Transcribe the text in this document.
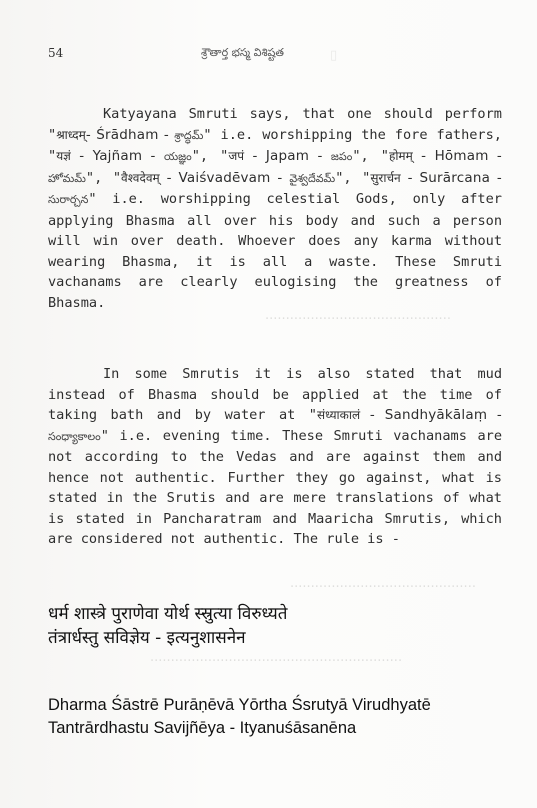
▯
.............................................
.............................................
.............................................................
54	శ్రౌతార్త భస్మ విశిష్టత

Katyayana Smruti says, that one should perform "श्राध्दम्- Śrādham - శ్రాద్ధమ్" i.e. worshipping the fore fathers, "यज्ञं - Yajñam - యజ్ఞం", "जपं - Japam - జపం", "होमम् - Hōmam - హోమమ్", "वैश्वदेवम् - Vaiśvadēvam - వైశ్వదేవమ్", "सुरार्चन - Surārcana - సురార్చన" i.e. worshipping celestial Gods, only after applying Bhasma all over his body and such a person will win over death. Whoever does any karma without wearing Bhasma, it is all a waste. These Smruti vachanams are clearly eulogising the greatness of Bhasma.

In some Smrutis it is also stated that mud instead of Bhasma should be applied at the time of taking bath and by water at "संध्याकालं - Sandhyākālaṃ - సంధ్యాకాలం" i.e. evening time. These Smruti vachanams are not according to the Vedas and are against them and hence not authentic. Further they go against, what is stated in the Srutis and are mere translations of what is stated in Pancharatram and Maaricha Smrutis, which are considered not authentic. The rule is -

धर्म शास्त्रे पुराणेवा योर्थ स्स्रुत्या विरुध्यते
तंत्रार्धस्तु सविज्ञेय - इत्यनुशासनेन
Dharma Śāstrē Purāṇēvā Yōrtha Śsrutyā Virudhyatē
Tantrārdhastu Savijñēya - Ityanuśāsanēna
